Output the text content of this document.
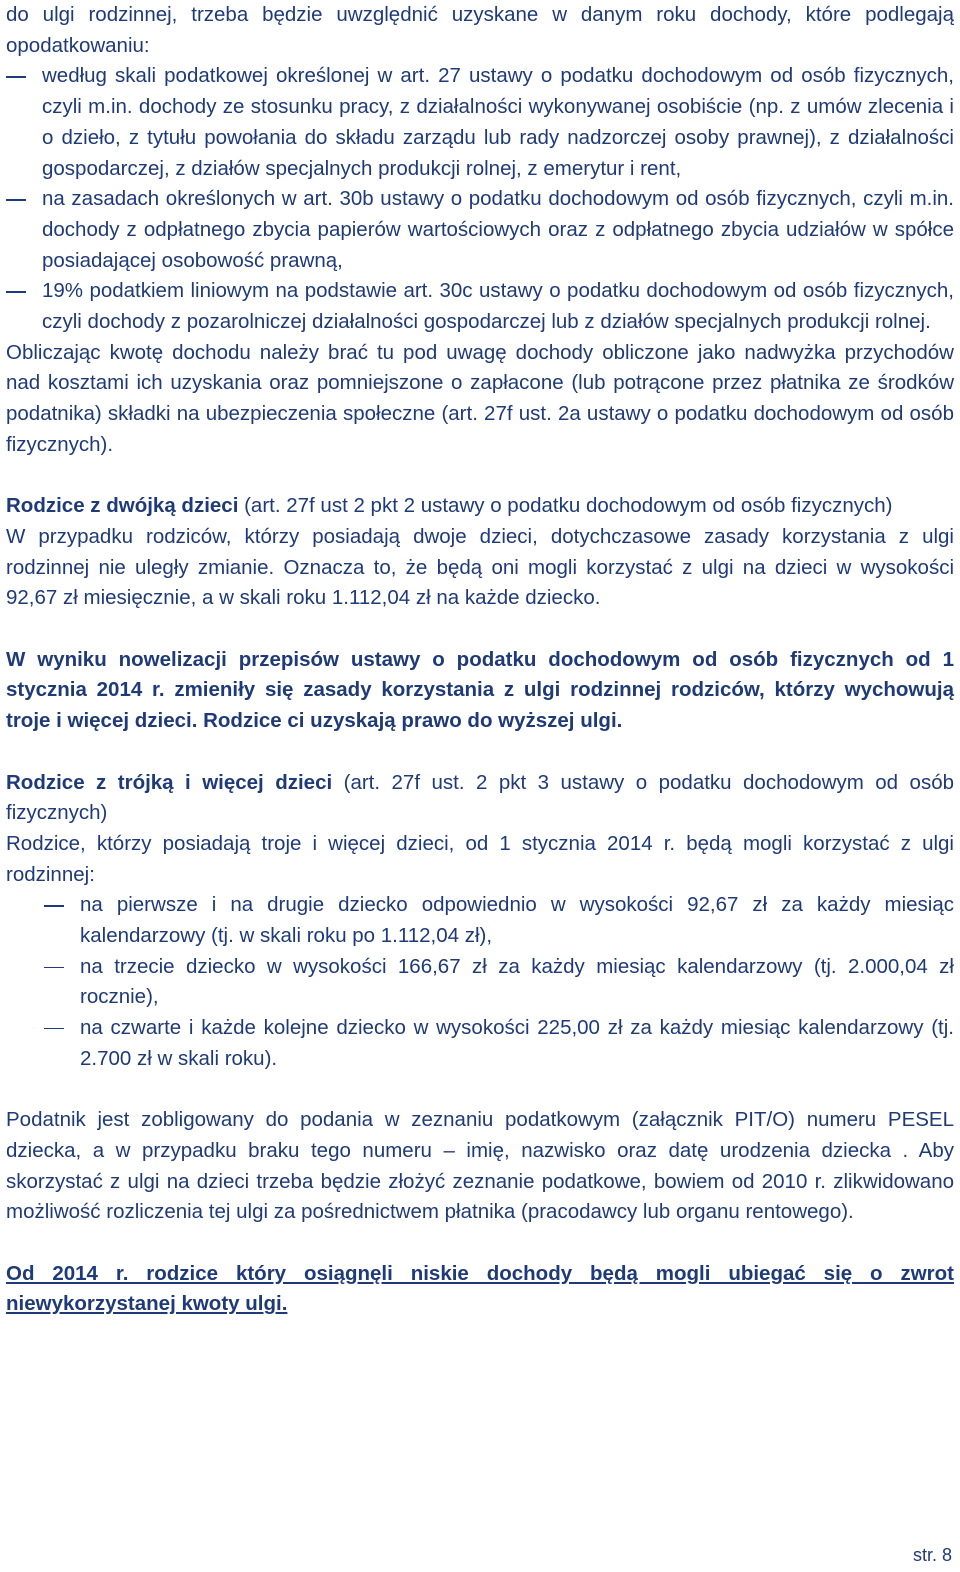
do ulgi rodzinnej, trzeba będzie uwzględnić uzyskane w danym roku dochody, które podlegają opodatkowaniu:

według skali podatkowej określonej w art. 27 ustawy o podatku dochodowym od osób fizycznych, czyli m.in. dochody ze stosunku pracy, z działalności wykonywanej osobiście (np. z umów zlecenia i o dzieło, z tytułu powołania do składu zarządu lub rady nadzorczej osoby prawnej), z działalności gospodarczej, z działów specjalnych produkcji rolnej, z emerytur i rent,
na zasadach określonych w art. 30b ustawy o podatku dochodowym od osób fizycznych, czyli m.in. dochody z odpłatnego zbycia papierów wartościowych oraz z odpłatnego zbycia udziałów w spółce posiadającej osobowość prawną,
19% podatkiem liniowym na podstawie art. 30c ustawy o podatku dochodowym od osób fizycznych, czyli dochody z pozarolniczej działalności gospodarczej lub z działów specjalnych produkcji rolnej.

Obliczając kwotę dochodu należy brać tu pod uwagę dochody obliczone jako nadwyżka przychodów nad kosztami ich uzyskania oraz pomniejszone o zapłacone (lub potrącone przez płatnika ze środków podatnika) składki na ubezpieczenia społeczne (art. 27f ust. 2a ustawy o podatku dochodowym od osób fizycznych).

Rodzice z dwójką dzieci (art. 27f ust 2 pkt 2 ustawy o podatku dochodowym od osób fizycznych)

W przypadku rodziców, którzy posiadają dwoje dzieci, dotychczasowe zasady korzystania z ulgi rodzinnej nie uległy zmianie. Oznacza to, że będą oni mogli korzystać z ulgi na dzieci w wysokości 92,67 zł miesięcznie, a w skali roku 1.112,04 zł na każde dziecko.

W wyniku nowelizacji przepisów ustawy o podatku dochodowym od osób fizycznych od 1 stycznia 2014 r. zmieniły się zasady korzystania z ulgi rodzinnej rodziców, którzy wychowują troje i więcej dzieci. Rodzice ci uzyskają prawo do wyższej ulgi.

Rodzice z trójką i więcej dzieci (art. 27f ust. 2 pkt 3 ustawy o podatku dochodowym od osób fizycznych)

Rodzice, którzy posiadają troje i więcej dzieci, od 1 stycznia 2014 r. będą mogli korzystać z ulgi rodzinnej:

na pierwsze i na drugie dziecko odpowiednio w wysokości 92,67 zł za każdy miesiąc kalendarzowy (tj. w skali roku po 1.112,04 zł),
na trzecie dziecko w wysokości 166,67 zł za każdy miesiąc kalendarzowy (tj. 2.000,04 zł rocznie),
na czwarte i każde kolejne dziecko w wysokości 225,00 zł za każdy miesiąc kalendarzowy (tj. 2.700 zł w skali roku).

Podatnik jest zobligowany do podania w zeznaniu podatkowym (załącznik PIT/O) numeru PESEL dziecka, a w przypadku braku tego numeru – imię, nazwisko oraz datę urodzenia dziecka . Aby skorzystać z ulgi na dzieci trzeba będzie złożyć zeznanie podatkowe, bowiem od 2010 r. zlikwidowano możliwość rozliczenia tej ulgi za pośrednictwem płatnika (pracodawcy lub organu rentowego).

Od 2014 r. rodzice który osiągnęli niskie dochody będą mogli ubiegać się o zwrot niewykorzystanej kwoty ulgi.

str. 8
